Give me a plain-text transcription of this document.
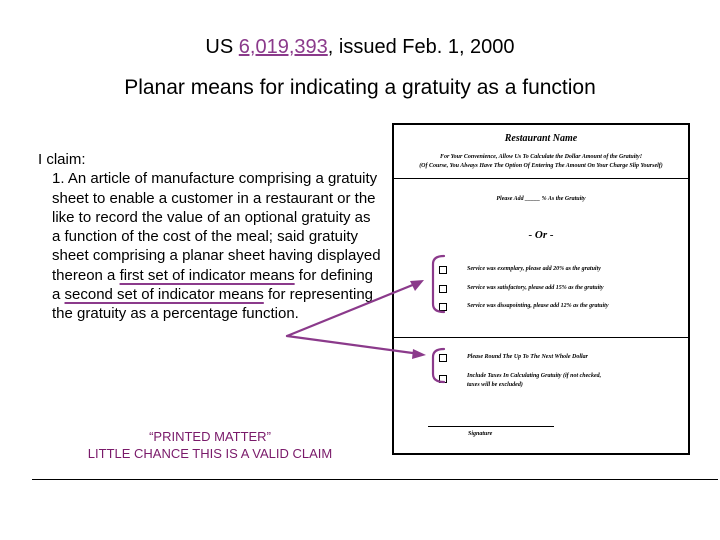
US 6,019,393, issued Feb. 1, 2000
Planar means for indicating a gratuity as a function

I claim:

1. An article of manufacture comprising a gratuity sheet to enable a customer in a restaurant or the like to record the value of an optional gratuity as a function of the cost of the meal; said gratuity sheet comprising a planar sheet having displayed thereon a first set of indicator means for defining a second set of indicator means for representing the gratuity as a percentage function.

“PRINTED MATTER”
LITTLE CHANCE THIS IS A VALID CLAIM
Restaurant Name
For Your Convenience, Allow Us To Calculate the Dollar Amount of the Gratuity!
(Of Course, You Always Have The Option Of Entering The Amount On Your Charge Slip Yourself)
Please Add _____ % As the Gratuity
- Or -
Service was exemplary, please add 20% as the gratuity
Service was satisfactory, please add 15% as the gratuity
Service was dissapointing, please add 12% as the gratuity
Please Round The Up To The Next Whole Dollar
Include Taxes In Calculating Gratuity (if not checked,
taxes will be excluded)
Signature
